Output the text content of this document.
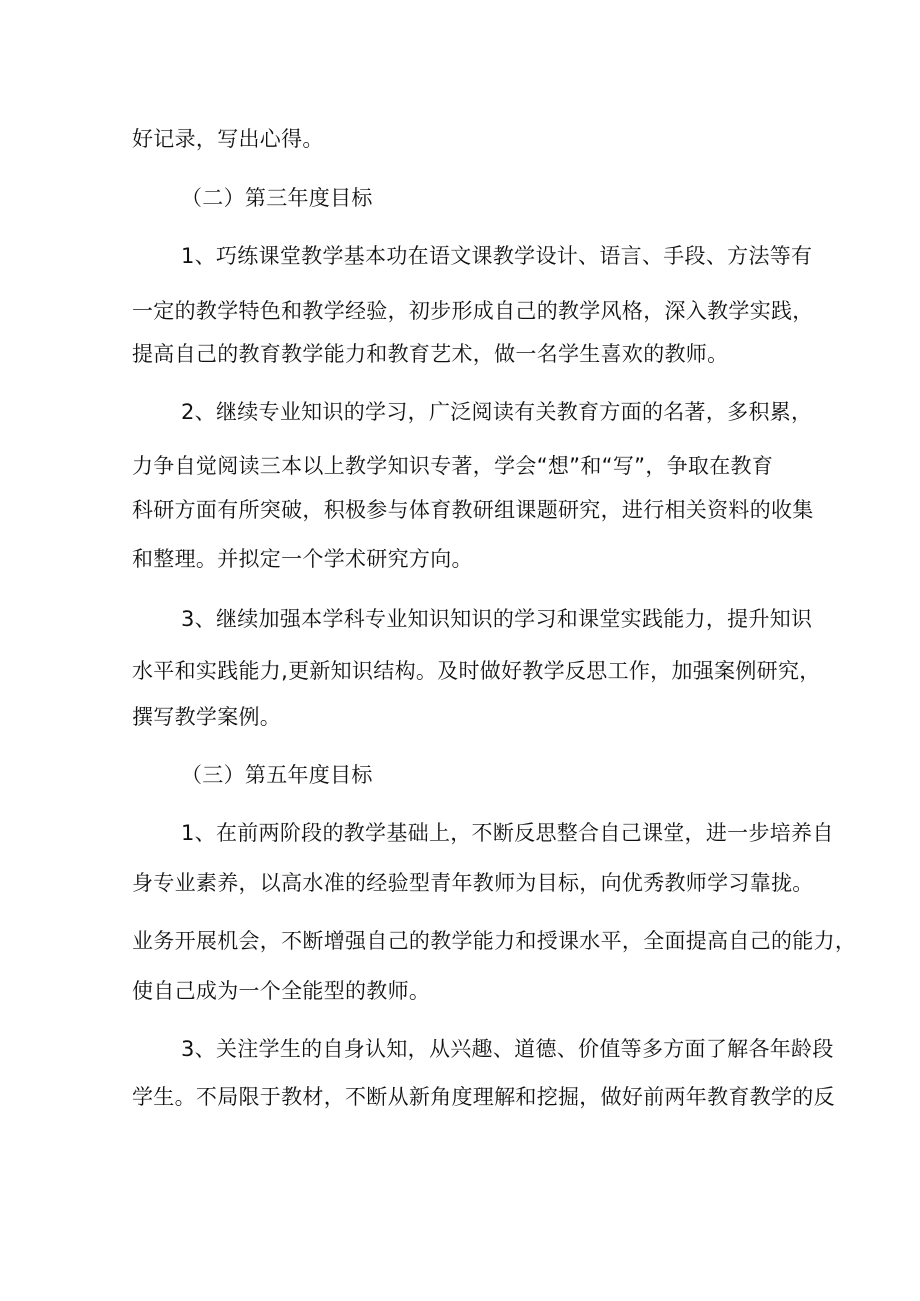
好记录，写出心得。
（二）第三年度目标
1、巧练课堂教学基本功在语文课教学设计、语言、手段、方法等有
一定的教学特色和教学经验，初步形成自己的教学风格，深入教学实践，
提高自己的教育教学能力和教育艺术，做一名学生喜欢的教师。
2、继续专业知识的学习，广泛阅读有关教育方面的名著，多积累，
力争自觉阅读三本以上教学知识专著，学会“想”和“写”，争取在教育
科研方面有所突破，积极参与体育教研组课题研究，进行相关资料的收集
和整理。并拟定一个学术研究方向。
3、继续加强本学科专业知识知识的学习和课堂实践能力，提升知识
水平和实践能力,更新知识结构。及时做好教学反思工作，加强案例研究，
撰写教学案例。
（三）第五年度目标
1、在前两阶段的教学基础上，不断反思整合自己课堂，进一步培养自
身专业素养，以高水准的经验型青年教师为目标，向优秀教师学习靠拢。
业务开展机会，不断增强自己的教学能力和授课水平，全面提高自己的能力，
使自己成为一个全能型的教师。
3、关注学生的自身认知，从兴趣、道德、价值等多方面了解各年龄段
学生。不局限于教材，不断从新角度理解和挖掘，做好前两年教育教学的反
